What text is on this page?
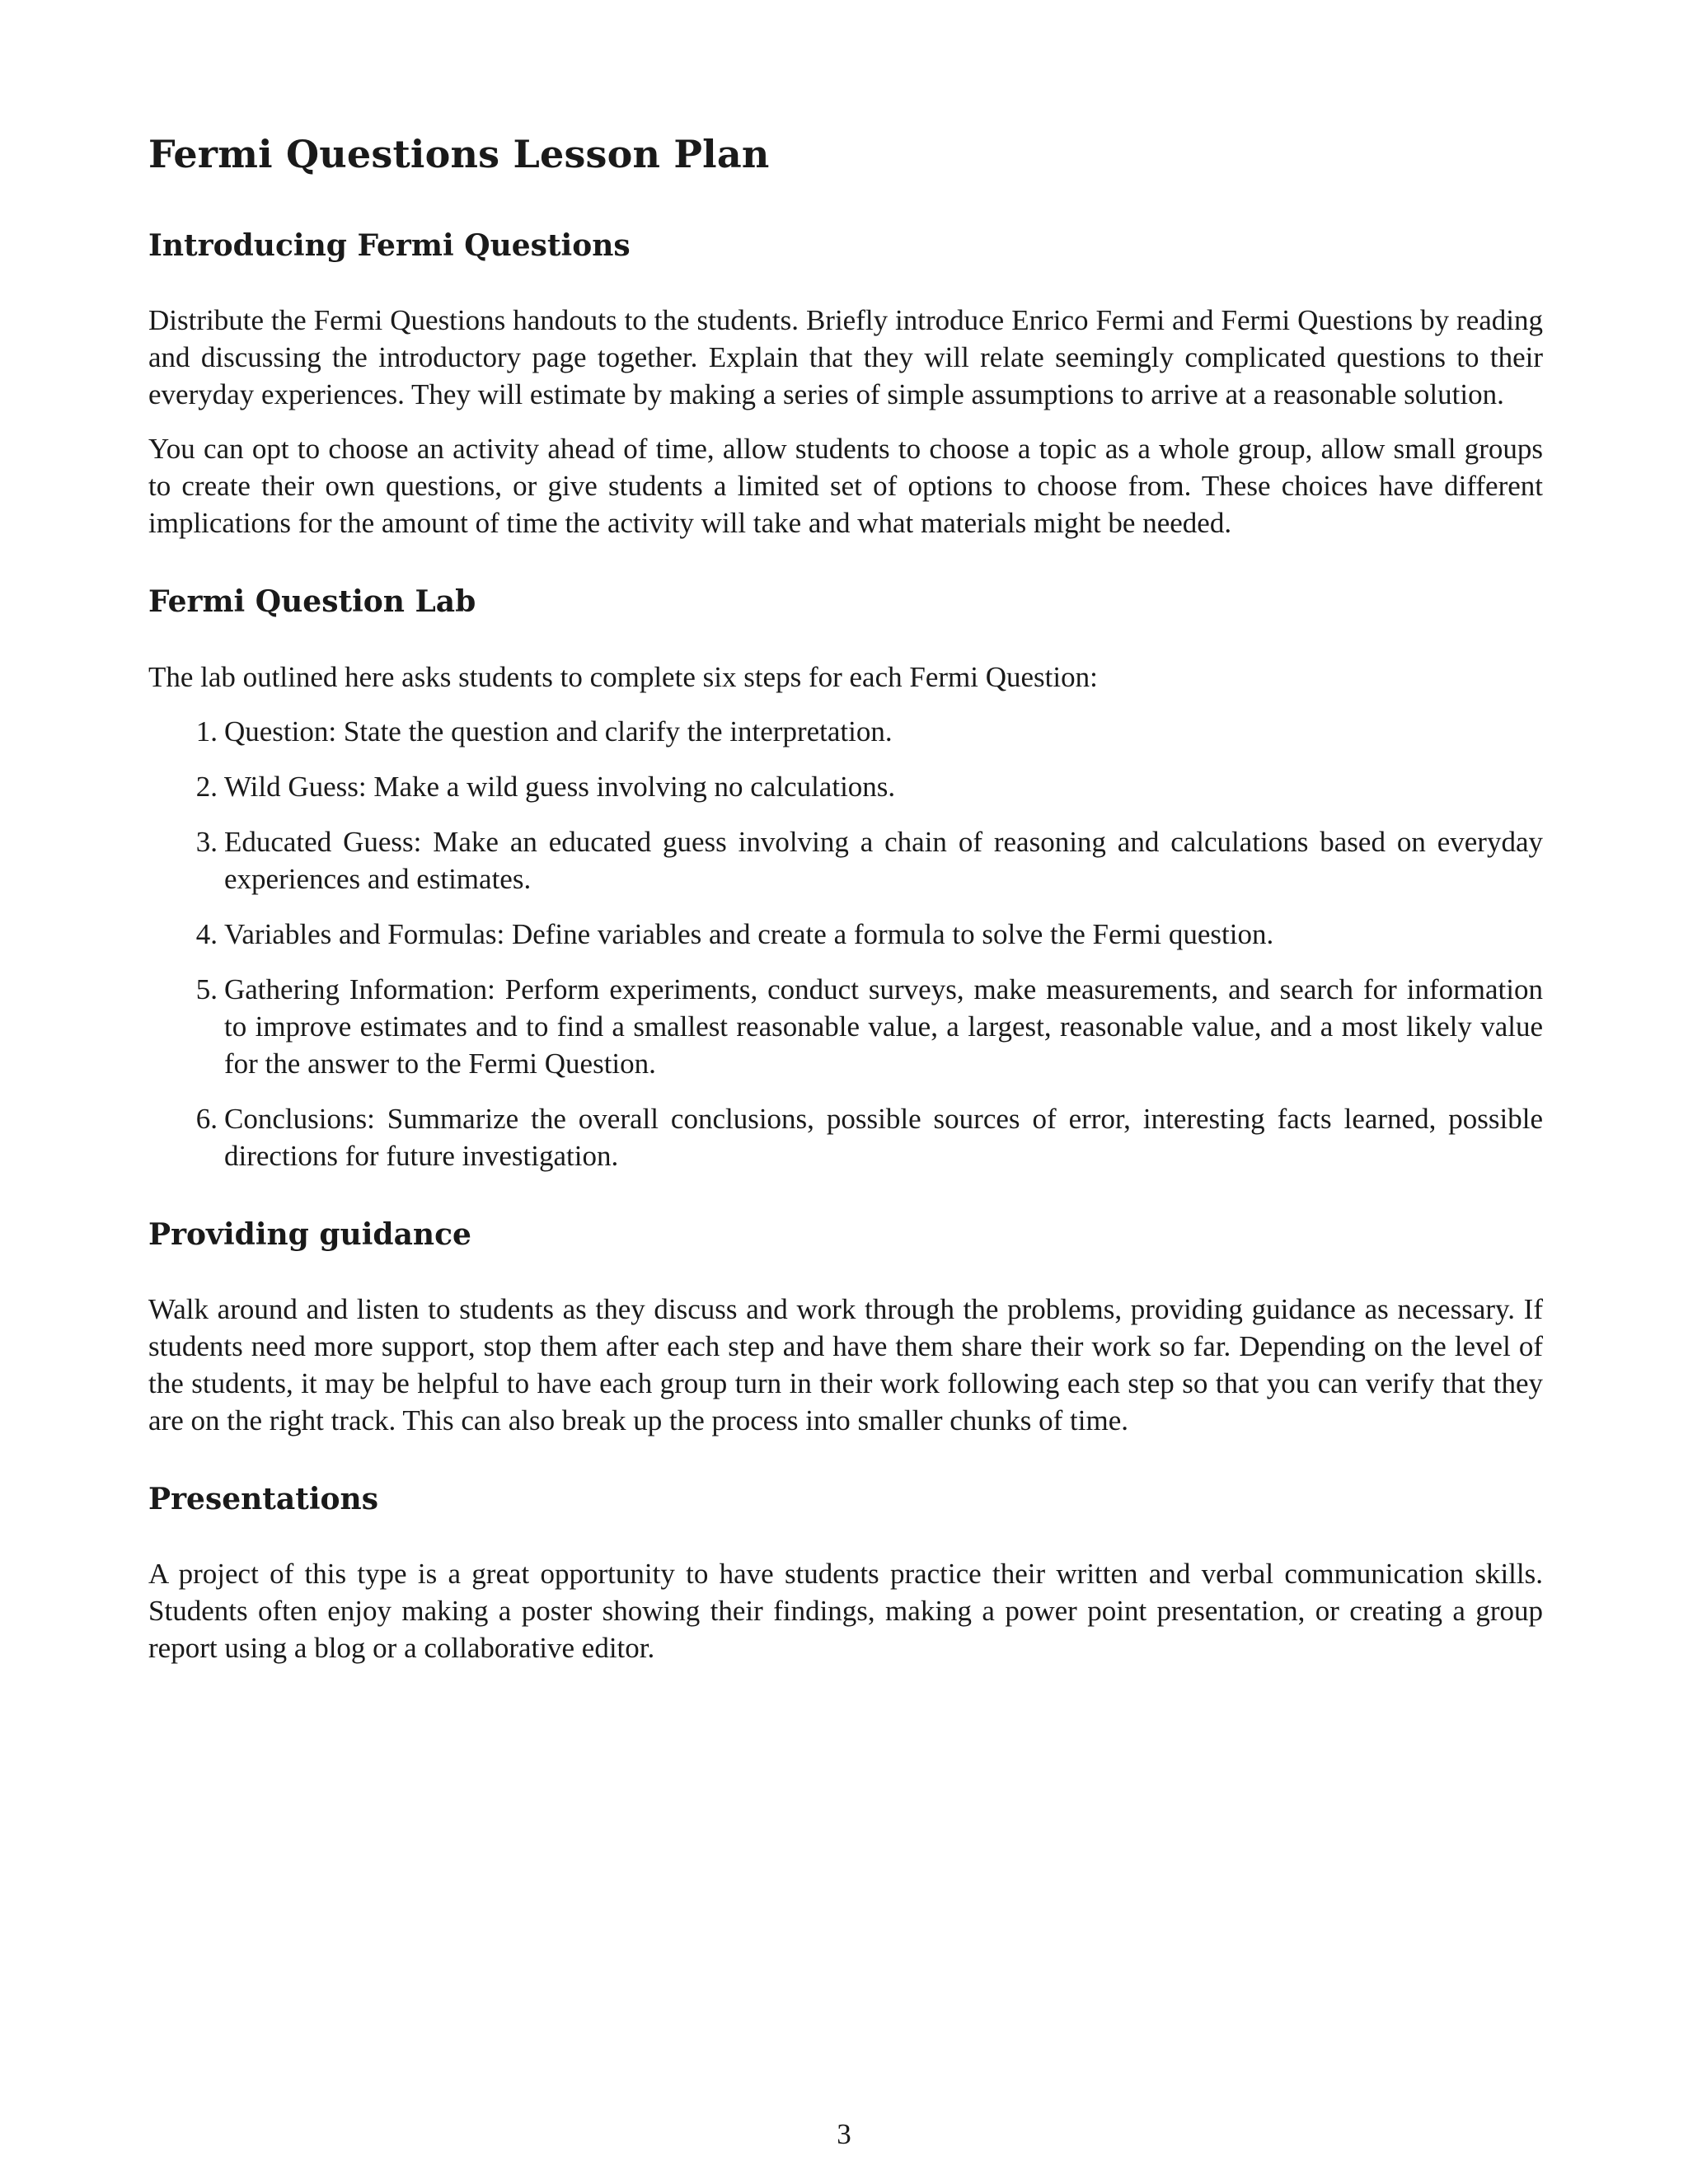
Fermi Questions Lesson Plan
Introducing Fermi Questions

Distribute the Fermi Questions handouts to the students. Briefly introduce Enrico Fermi and Fermi Questions by reading and discussing the introductory page together. Explain that they will relate seemingly complicated questions to their everyday experiences. They will estimate by making a series of simple assumptions to arrive at a reasonable solution.

You can opt to choose an activity ahead of time, allow students to choose a topic as a whole group, allow small groups to create their own questions, or give students a limited set of options to choose from. These choices have different implications for the amount of time the activity will take and what materials might be needed.

Fermi Question Lab

The lab outlined here asks students to complete six steps for each Fermi Question:

1. Question: State the question and clarify the interpretation.
2. Wild Guess: Make a wild guess involving no calculations.
3. Educated Guess: Make an educated guess involving a chain of reasoning and calculations based on everyday experiences and estimates.
4. Variables and Formulas: Define variables and create a formula to solve the Fermi question.
5. Gathering Information: Perform experiments, conduct surveys, make measurements, and search for information to improve estimates and to find a smallest reasonable value, a largest, reasonable value, and a most likely value for the answer to the Fermi Question.
6. Conclusions: Summarize the overall conclusions, possible sources of error, interesting facts learned, possible directions for future investigation.
Providing guidance

Walk around and listen to students as they discuss and work through the problems, providing guidance as necessary. If students need more support, stop them after each step and have them share their work so far. Depending on the level of the students, it may be helpful to have each group turn in their work following each step so that you can verify that they are on the right track. This can also break up the process into smaller chunks of time.

Presentations

A project of this type is a great opportunity to have students practice their written and verbal communication skills. Students often enjoy making a poster showing their findings, making a power point presentation, or creating a group report using a blog or a collaborative editor.

3
